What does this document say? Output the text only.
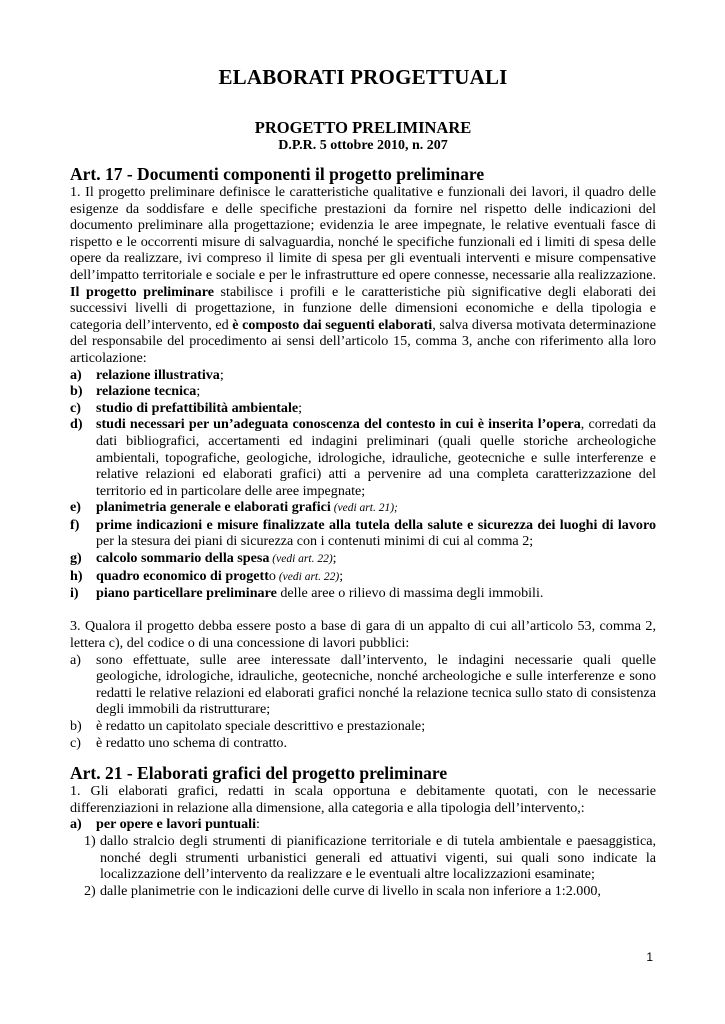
ELABORATI PROGETTUALI
PROGETTO PRELIMINARE
D.P.R. 5 ottobre 2010, n. 207
Art. 17 - Documenti componenti il progetto preliminare

1. Il progetto preliminare definisce le caratteristiche qualitative e funzionali dei lavori, il quadro delle esigenze da soddisfare e delle specifiche prestazioni da fornire nel rispetto delle indicazioni del documento preliminare alla progettazione; evidenzia le aree impegnate, le relative eventuali fasce di rispetto e le occorrenti misure di salvaguardia, nonché le specifiche funzionali ed i limiti di spesa delle opere da realizzare, ivi compreso il limite di spesa per gli eventuali interventi e misure compensative dell’impatto territoriale e sociale e per le infrastrutture ed opere connesse, necessarie alla realizzazione. Il progetto preliminare stabilisce i profili e le caratteristiche più significative degli elaborati dei successivi livelli di progettazione, in funzione delle dimensioni economiche e della tipologia e categoria dell’intervento, ed è composto dai seguenti elaborati, salva diversa motivata determinazione del responsabile del procedimento ai sensi dell’articolo 15, comma 3, anche con riferimento alla loro articolazione:

a) relazione illustrativa;
b) relazione tecnica;
c) studio di prefattibilità ambientale;
d) studi necessari per un’adeguata conoscenza del contesto in cui è inserita l’opera, corredati da dati bibliografici, accertamenti ed indagini preliminari (quali quelle storiche archeologiche ambientali, topografiche, geologiche, idrologiche, idrauliche, geotecniche e sulle interferenze e relative relazioni ed elaborati grafici) atti a pervenire ad una completa caratterizzazione del territorio ed in particolare delle aree impegnate;
e) planimetria generale e elaborati grafici (vedi art. 21);
f) prime indicazioni e misure finalizzate alla tutela della salute e sicurezza dei luoghi di lavoro per la stesura dei piani di sicurezza con i contenuti minimi di cui al comma 2;
g) calcolo sommario della spesa (vedi art. 22);
h) quadro economico di progetto (vedi art. 22);
i) piano particellare preliminare delle aree o rilievo di massima degli immobili.

3. Qualora il progetto debba essere posto a base di gara di un appalto di cui all’articolo 53, comma 2, lettera c), del codice o di una concessione di lavori pubblici:

a) sono effettuate, sulle aree interessate dall’intervento, le indagini necessarie quali quelle geologiche, idrologiche, idrauliche, geotecniche, nonché archeologiche e sulle interferenze e sono redatti le relative relazioni ed elaborati grafici nonché la relazione tecnica sullo stato di consistenza degli immobili da ristrutturare;
b) è redatto un capitolato speciale descrittivo e prestazionale;
c) è redatto uno schema di contratto.
Art. 21 - Elaborati grafici del progetto preliminare

1. Gli elaborati grafici, redatti in scala opportuna e debitamente quotati, con le necessarie differenziazioni in relazione alla dimensione, alla categoria e alla tipologia dell’intervento,:

a) per opere e lavori puntuali:
1) dallo stralcio degli strumenti di pianificazione territoriale e di tutela ambientale e paesaggistica, nonché degli strumenti urbanistici generali ed attuativi vigenti, sui quali sono indicate la localizzazione dell’intervento da realizzare e le eventuali altre localizzazioni esaminate;
2) dalle planimetrie con le indicazioni delle curve di livello in scala non inferiore a 1:2.000,
1
